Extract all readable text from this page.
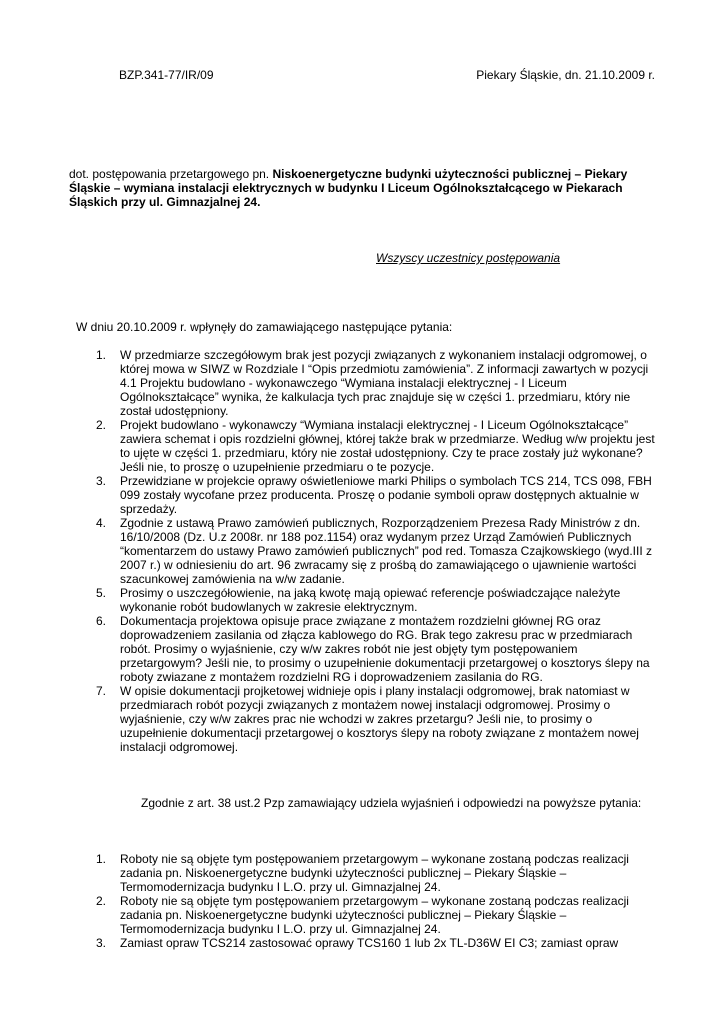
BZP.341-77/IR/09	Piekary Śląskie, dn. 21.10.2009 r.

dot. postępowania przetargowego pn. Niskoenergetyczne budynki użyteczności publicznej – Piekary Śląskie – wymiana instalacji elektrycznych w budynku I Liceum Ogólnokształcącego w Piekarach Śląskich przy ul. Gimnazjalnej 24.

Wszyscy uczestnicy postępowania

W dniu 20.10.2009 r. wpłynęły do zamawiającego następujące pytania:

1. W przedmiarze szczegółowym brak jest pozycji związanych z wykonaniem instalacji odgromowej, o której mowa w SIWZ w Rozdziale I “Opis przedmiotu zamówienia”. Z informacji zawartych w pozycji 4.1 Projektu budowlano - wykonawczego “Wymiana instalacji elektrycznej - I Liceum Ogólnokształcące” wynika, że kalkulacja tych prac znajduje się w części 1. przedmiaru, który nie został udostępniony.
2. Projekt budowlano - wykonawczy “Wymiana instalacji elektrycznej - I Liceum Ogólnokształcące” zawiera schemat i opis rozdzielni głównej, której także brak w przedmiarze. Według w/w projektu jest to ujęte w części 1. przedmiaru, który nie został udostępniony. Czy te prace zostały już wykonane? Jeśli nie, to proszę o uzupełnienie przedmiaru o te pozycje.
3. Przewidziane w projekcie oprawy oświetleniowe marki Philips o symbolach TCS 214, TCS 098, FBH 099 zostały wycofane przez producenta. Proszę o podanie symboli opraw dostępnych aktualnie w sprzedaży.
4. Zgodnie z ustawą Prawo zamówień publicznych, Rozporządzeniem Prezesa Rady Ministrów z dn. 16/10/2008 (Dz. U.z 2008r. nr 188 poz.1154) oraz wydanym przez Urząd Zamówień Publicznych “komentarzem do ustawy Prawo zamówień publicznych” pod red. Tomasza Czajkowskiego (wyd.III z 2007 r.) w odniesieniu do art. 96 zwracamy się z prośbą do zamawiającego o ujawnienie wartości szacunkowej zamówienia na w/w zadanie.
5. Prosimy o uszczegółowienie, na jaką kwotę mają opiewać referencje poświadczające należyte wykonanie robót budowlanych w zakresie elektrycznym.
6. Dokumentacja projektowa opisuje prace związane z montażem rozdzielni głównej RG oraz doprowadzeniem zasilania od złącza kablowego do RG. Brak tego zakresu prac w przedmiarach robót. Prosimy o wyjaśnienie, czy w/w zakres robót nie jest objęty tym postępowaniem przetargowym? Jeśli nie, to prosimy o uzupełnienie dokumentacji przetargowej o kosztorys ślepy na roboty zwiazane z montażem rozdzielni RG i doprowadzeniem zasilania do RG.
7. W opisie dokumentacji projketowej widnieje opis i plany instalacji odgromowej, brak natomiast w przedmiarach robót pozycji związanych z montażem nowej instalacji odgromowej. Prosimy o wyjaśnienie, czy w/w zakres prac nie wchodzi w zakres przetargu? Jeśli nie, to prosimy o uzupełnienie dokumentacji przetargowej o kosztorys ślepy na roboty związane z montażem nowej instalacji odgromowej.

Zgodnie z art. 38 ust.2 Pzp zamawiający udziela wyjaśnień i odpowiedzi na powyższe pytania:

1. Roboty nie są objęte tym postępowaniem przetargowym – wykonane zostaną podczas realizacji zadania pn. Niskoenergetyczne budynki użyteczności publicznej – Piekary Śląskie – Termomodernizacja budynku I L.O. przy ul. Gimnazjalnej 24.
2. Roboty nie są objęte tym postępowaniem przetargowym – wykonane zostaną podczas realizacji zadania pn. Niskoenergetyczne budynki użyteczności publicznej – Piekary Śląskie – Termomodernizacja budynku I L.O. przy ul. Gimnazjalnej 24.
3. Zamiast opraw TCS214 zastosować oprawy TCS160 1 lub 2x TL-D36W EI C3; zamiast opraw
